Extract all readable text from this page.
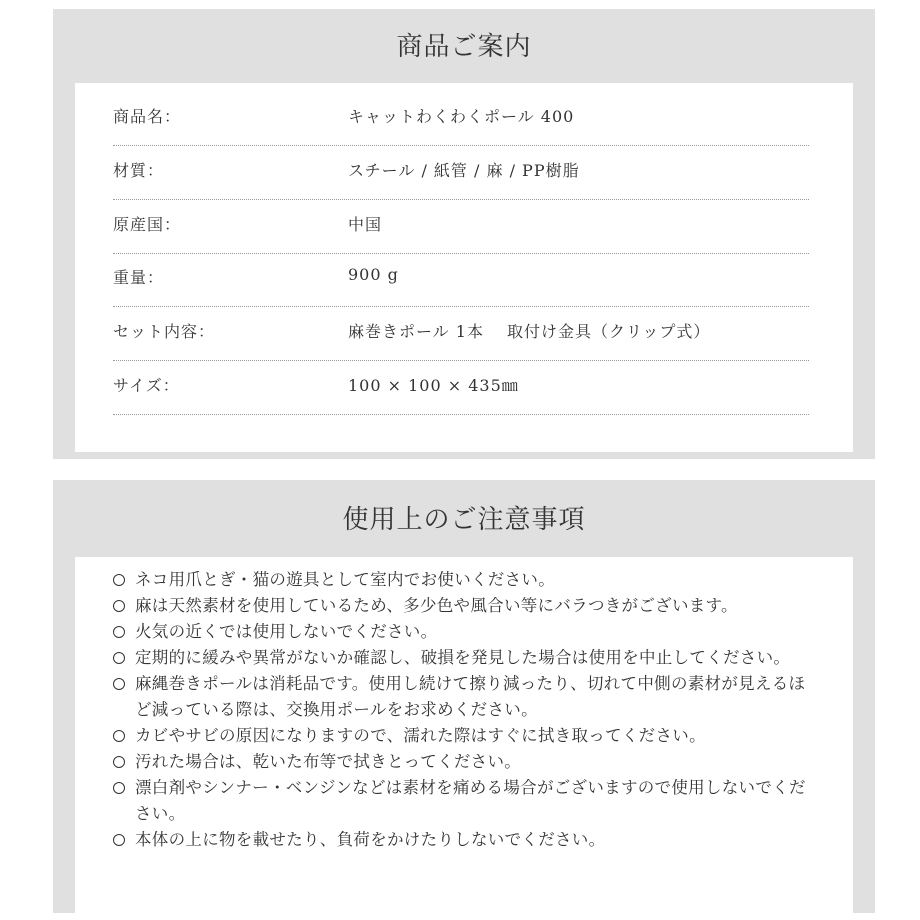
商品ご案内
商品名：	キャットわくわくポール 400
材質：	スチール / 紙管 / 麻 / PP樹脂
原産国：	中国
重量：	900 g
セット内容：	麻巻きポール 1本　 取付け金具（クリップ式）
サイズ：	100 × 100 × 435㎜
使用上のご注意事項
ネコ用爪とぎ・猫の遊具として室内でお使いください。
麻は天然素材を使用しているため、多少色や風合い等にバラつきがございます。
火気の近くでは使用しないでください。
定期的に緩みや異常がないか確認し、破損を発見した場合は使用を中止してください。
麻縄巻きポールは消耗品です。使用し続けて擦り減ったり、切れて中側の素材が見えるほど減っている際は、交換用ポールをお求めください。
カビやサビの原因になりますので、濡れた際はすぐに拭き取ってください。
汚れた場合は、乾いた布等で拭きとってください。
漂白剤やシンナー・ベンジンなどは素材を痛める場合がございますので使用しないでください。
本体の上に物を載せたり、負荷をかけたりしないでください。
